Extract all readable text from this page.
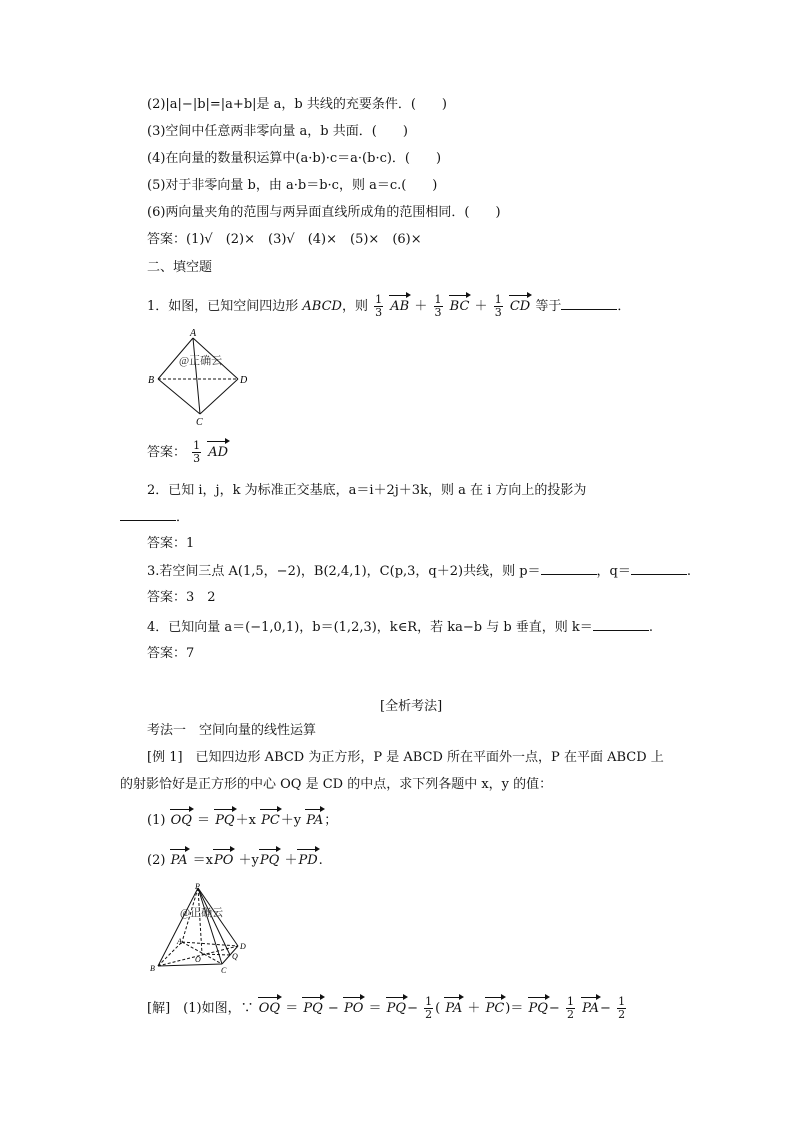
(2)|a|−|b|=|a+b|是 a，b 共线的充要条件．(　　)
(3)空间中任意两非零向量 a，b 共面．(　　)
(4)在向量的数量积运算中(a·b)·c＝a·(b·c)．(　　)
(5)对于非零向量 b，由 a·b＝b·c，则 a＝c.(　　)
(6)两向量夹角的范围与两异面直线所成角的范围相同．(　　)
答案：(1)√　(2)×　(3)√　(4)×　(5)×　(6)×
二、填空题
1．如图，已知空间四边形 ABCD，则 $\frac{1}{3}$ AB ＋ $\frac{1}{3}$ BC ＋ $\frac{1}{3}$ CD 等于	．
A
B	D
C
@正确云
答案： $\frac{1}{3}$ AD
2．已知 i，j，k 为标准正交基底，a＝i＋2j＋3k，则 a 在 i 方向上的投影为
．
答案：1
3.若空间三点 A(1,5，−2)，B(2,4,1)，C(p,3，q＋2)共线，则 p＝	，q＝	.
答案：3　2
4．已知向量 a＝(−1,0,1)，b＝(1,2,3)，k∈R，若 ka−b 与 b 垂直，则 k＝	.
答案：7
[全析考法]
考法一　空间向量的线性运算
[例 1]　已知四边形 ABCD 为正方形，P 是 ABCD 所在平面外一点，P 在平面 ABCD 上
的射影恰好是正方形的中心 OQ 是 CD 的中点，求下列各题中 x，y 的值：
(1) OQ ＝ PQ＋x PC＋y PA；
(2) PA ＝xPO ＋yPQ ＋PD.
P
A
D
B	C
O	Q
@正确云
[解]　 (1)如图，∵ OQ ＝ PQ − PO ＝ $PQ- \frac{1}{2}$ ( PA ＋ $PC)= PQ- \frac{1}{2} PA- \frac{1}{2}$
